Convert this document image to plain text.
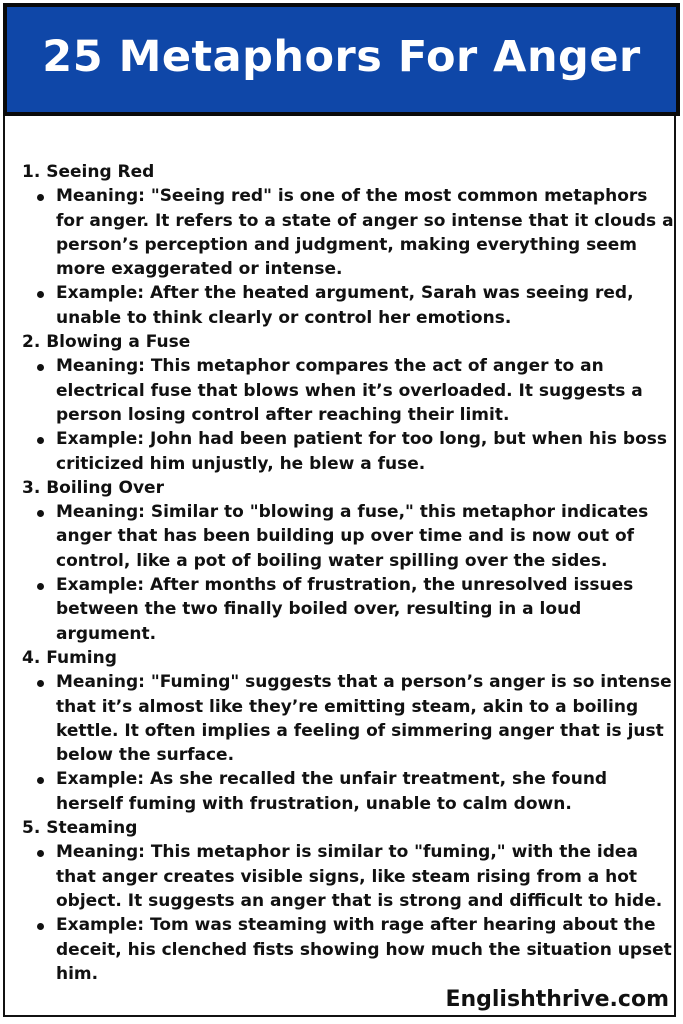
25 Metaphors For Anger
1. Seeing Red
Meaning: "Seeing red" is one of the most common metaphors for anger. It refers to a state of anger so intense that it clouds a person’s perception and judgment, making everything seem more exaggerated or intense.
Example: After the heated argument, Sarah was seeing red, unable to think clearly or control her emotions.
2. Blowing a Fuse
Meaning: This metaphor compares the act of anger to an electrical fuse that blows when it’s overloaded. It suggests a person losing control after reaching their limit.
Example: John had been patient for too long, but when his boss criticized him unjustly, he blew a fuse.
3. Boiling Over
Meaning: Similar to "blowing a fuse," this metaphor indicates anger that has been building up over time and is now out of control, like a pot of boiling water spilling over the sides.
Example: After months of frustration, the unresolved issues between the two finally boiled over, resulting in a loud argument.
4. Fuming
Meaning: "Fuming" suggests that a person’s anger is so intense that it’s almost like they’re emitting steam, akin to a boiling kettle. It often implies a feeling of simmering anger that is just below the surface.
Example: As she recalled the unfair treatment, she found herself fuming with frustration, unable to calm down.
5. Steaming
Meaning: This metaphor is similar to "fuming," with the idea that anger creates visible signs, like steam rising from a hot object. It suggests an anger that is strong and difficult to hide.
Example: Tom was steaming with rage after hearing about the deceit, his clenched fists showing how much the situation upset him.
Englishthrive.com
